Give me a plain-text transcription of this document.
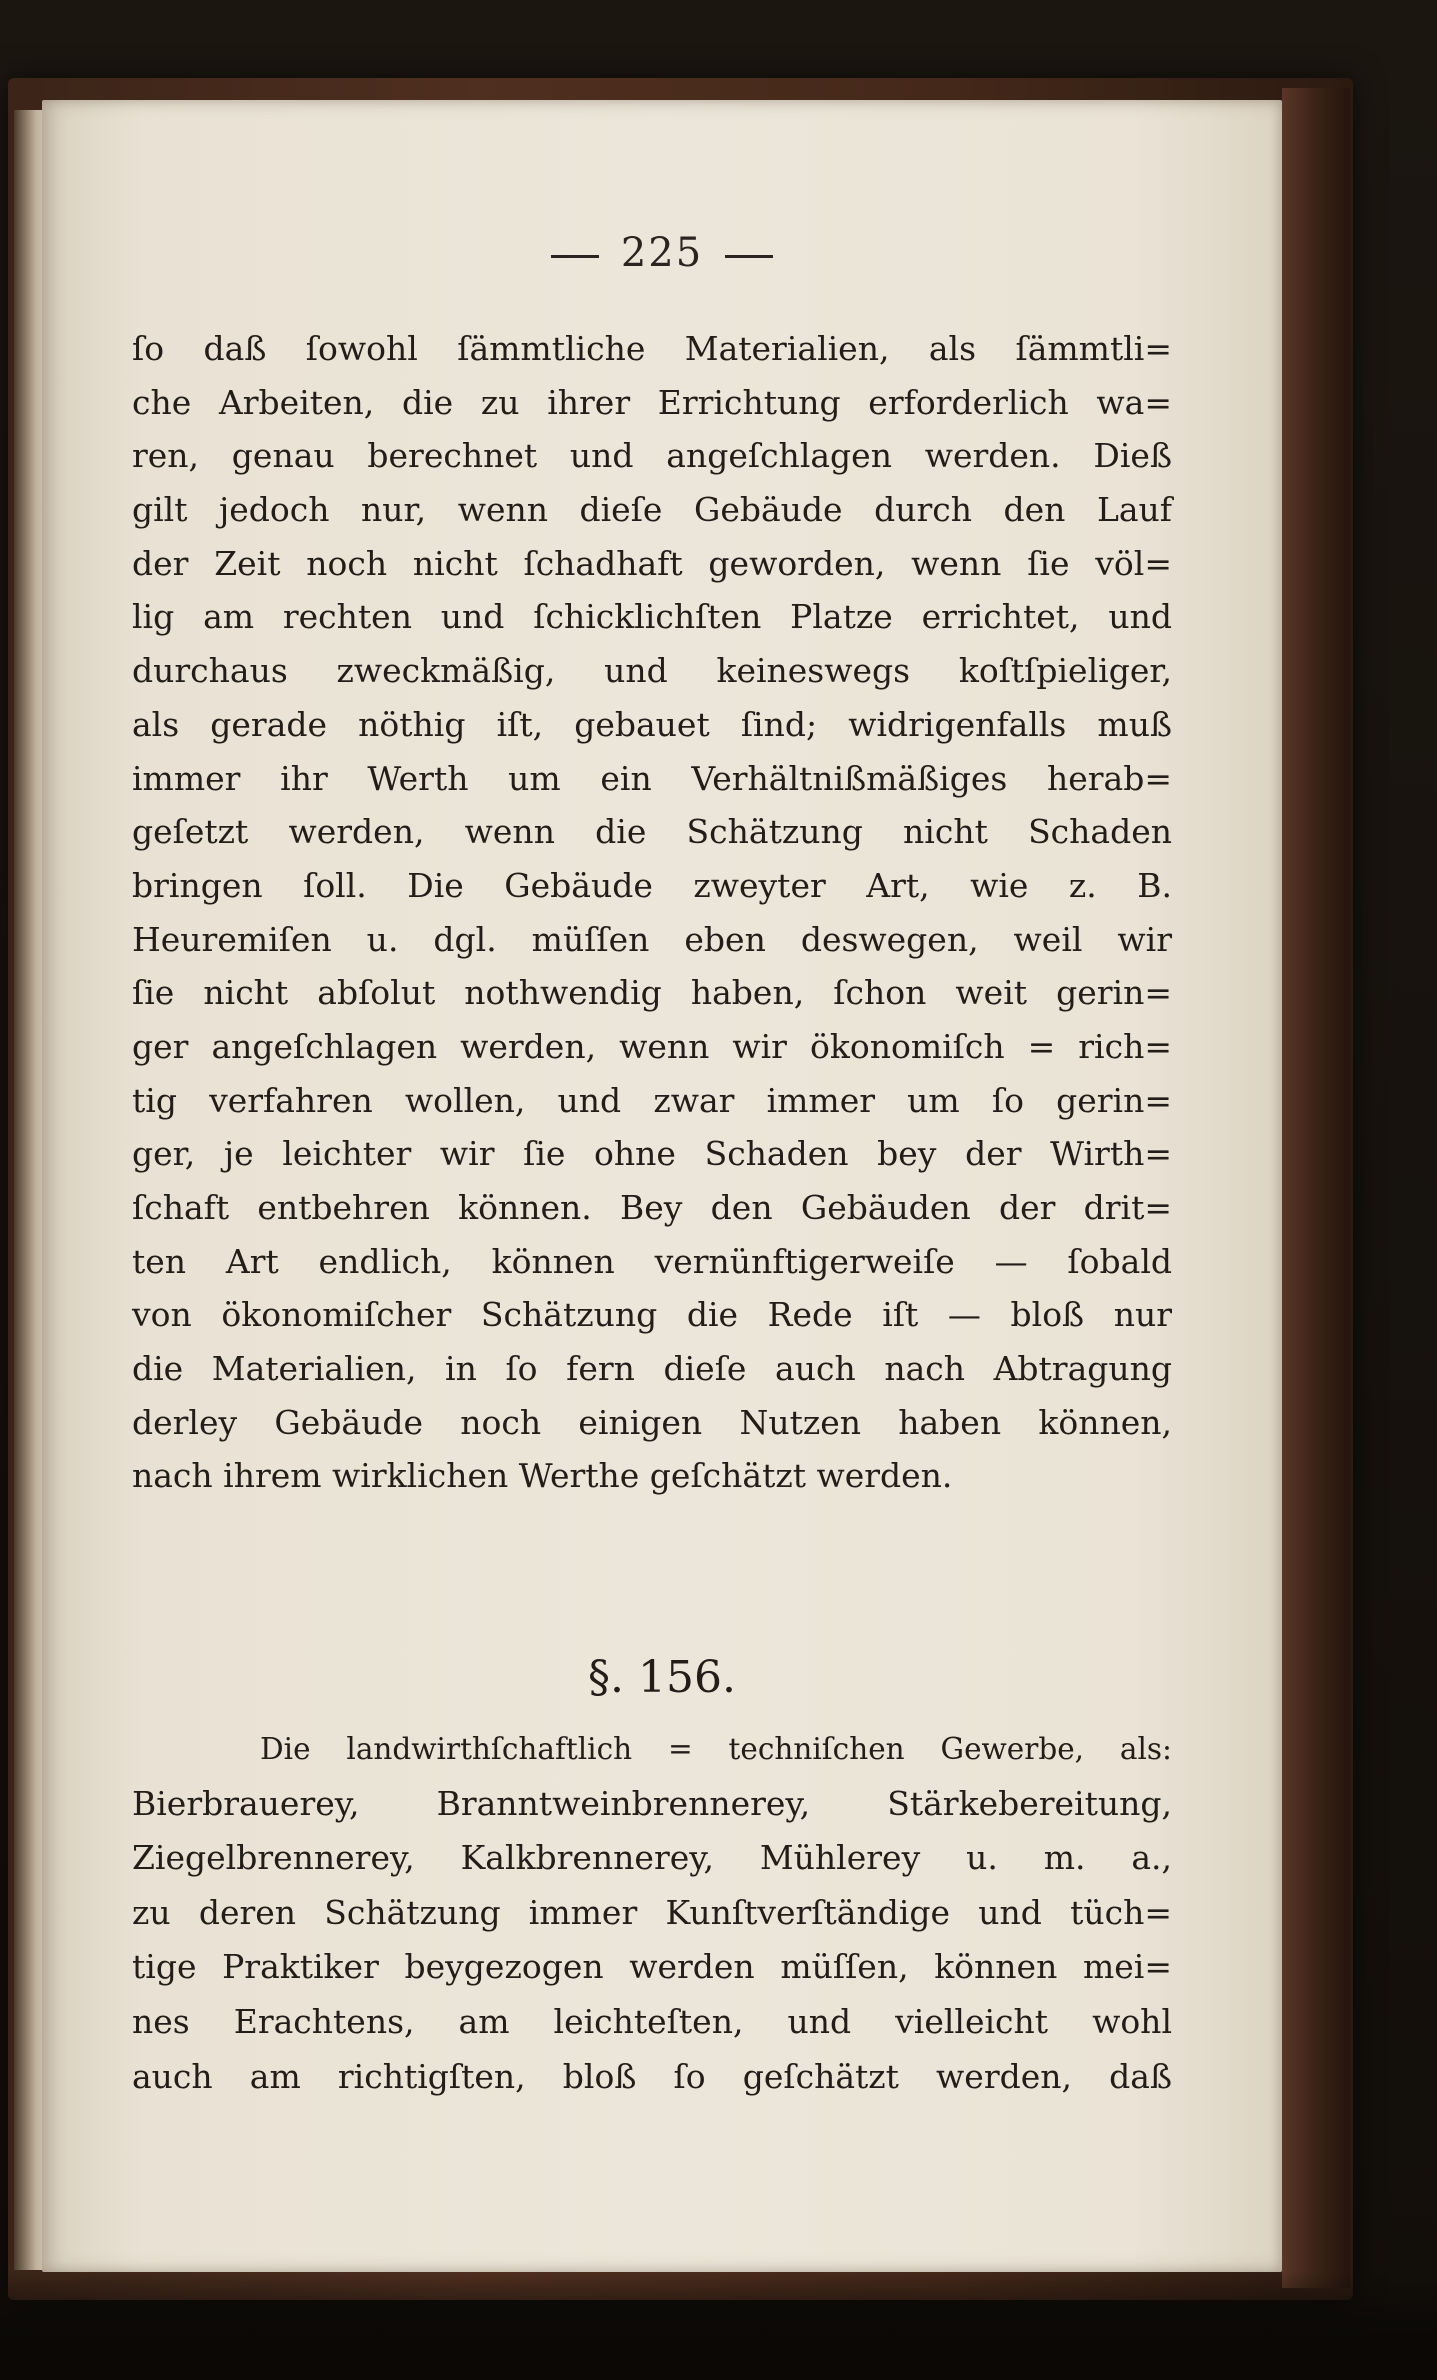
225
ſo daß ſowohl ſämmtliche Materialien, als ſämmtli=
che Arbeiten, die zu ihrer Errichtung erforderlich wa=
ren, genau berechnet und angeſchlagen werden. Dieß
gilt jedoch nur, wenn dieſe Gebäude durch den Lauf
der Zeit noch nicht ſchadhaft geworden, wenn ſie völ=
lig am rechten und ſchicklichſten Platze errichtet, und
durchaus zweckmäßig, und keineswegs koſtſpieliger,
als gerade nöthig iſt, gebauet ſind; widrigenfalls muß
immer ihr Werth um ein Verhältnißmäßiges herab=
geſetzt werden, wenn die Schätzung nicht Schaden
bringen ſoll. Die Gebäude zweyter Art, wie z. B.
Heuremiſen u. dgl. müſſen eben deswegen, weil wir
ſie nicht abſolut nothwendig haben, ſchon weit gerin=
ger angeſchlagen werden, wenn wir ökonomiſch = rich=
tig verfahren wollen, und zwar immer um ſo gerin=
ger, je leichter wir ſie ohne Schaden bey der Wirth=
ſchaft entbehren können. Bey den Gebäuden der drit=
ten Art endlich, können vernünftigerweiſe — ſobald
von ökonomiſcher Schätzung die Rede iſt — bloß nur
die Materialien, in ſo fern dieſe auch nach Abtragung
derley Gebäude noch einigen Nutzen haben können,
nach ihrem wirklichen Werthe geſchätzt werden.
§. 156.
Die landwirthſchaftlich = techniſchen Gewerbe, als:
Bierbrauerey, Branntweinbrennerey, Stärkebereitung,
Ziegelbrennerey, Kalkbrennerey, Mühlerey u. m. a.,
zu deren Schätzung immer Kunſtverſtändige und tüch=
tige Praktiker beygezogen werden müſſen, können mei=
nes Erachtens, am leichteſten, und vielleicht wohl
auch am richtigſten, bloß ſo geſchätzt werden, daß
